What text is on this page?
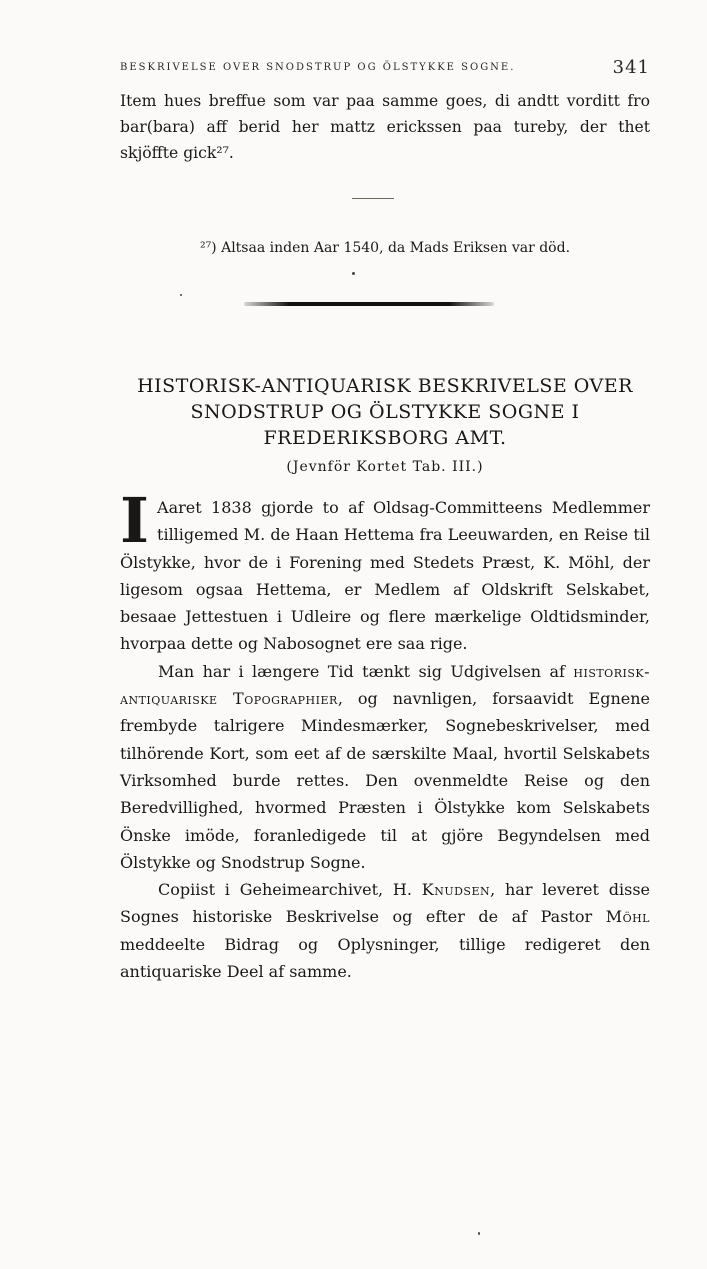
BESKRIVELSE OVER SNODSTRUP OG ÖLSTYKKE SOGNE.	341

Item hues breffue som var paa samme goes, di andtt vorditt fro bar(bara) aff berid her mattz erickssen paa tureby, der thet skjöffte gick²⁷.

²⁷) Altsaa inden Aar 1540, da Mads Eriksen var död.

HISTORISK-ANTIQUARISK BESKRIVELSE OVER
SNODSTRUP OG ÖLSTYKKE SOGNE I
FREDERIKSBORG AMT.

(Jevnför Kortet Tab. III.)

I Aaret 1838 gjorde to af Oldsag-Committeens Medlemmer tilligemed M. de Haan Hettema fra Leeuwarden, en Reise til Ölstykke, hvor de i Forening med Stedets Præst, K. Möhl, der ligesom ogsaa Hettema, er Medlem af Oldskrift Selskabet, besaae Jettestuen i Udleire og flere mærkelige Oldtidsminder, hvorpaa dette og Nabosognet ere saa rige.

Man har i længere Tid tænkt sig Udgivelsen af historisk-antiquariske Topographier, og navnligen, forsaavidt Egnene frembyde talrigere Mindesmærker, Sognebeskrivelser, med tilhörende Kort, som eet af de særskilte Maal, hvortil Selskabets Virksomhed burde rettes. Den ovenmeldte Reise og den Beredvillighed, hvormed Præsten i Ölstykke kom Selskabets Önske imöde, foranledigede til at gjöre Begyndelsen med Ölstykke og Snodstrup Sogne.

Copiist i Geheimearchivet, H. Knudsen, har leveret disse Sognes historiske Beskrivelse og efter de af Pastor Möhl meddeelte Bidrag og Oplysninger, tillige redigeret den antiquariske Deel af samme.
